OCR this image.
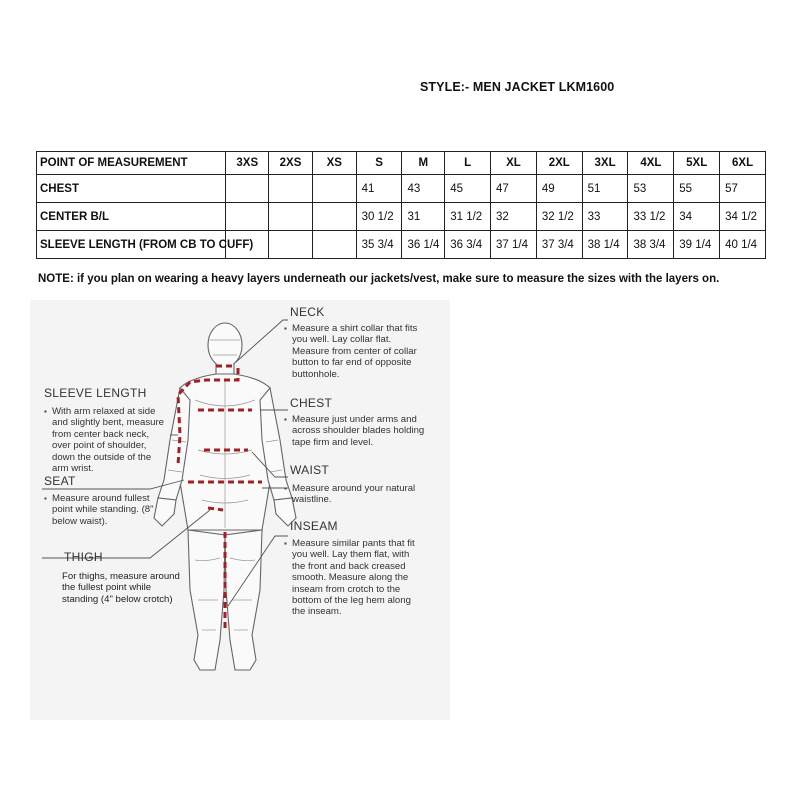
STYLE:- MEN JACKET LKM1600
POINT OF MEASUREMENT	3XS	2XS	XS	S	M	L	XL	2XL	3XL	4XL	5XL	6XL
CHEST				41	43	45	47	49	51	53	55	57
CENTER B/L				30 1/2	31	31 1/2	32	32 1/2	33	33 1/2	34	34 1/2
SLEEVE LENGTH (FROM CB TO CUFF)				35 3/4	36 1/4	36 3/4	37 1/4	37 3/4	38 1/4	38 3/4	39 1/4	40 1/4
NOTE: if you plan on wearing a heavy layers underneath our jackets/vest, make sure to measure the sizes with the layers on.
NECK
▪ Measure a shirt collar that fits you well. Lay collar flat. Measure from center of collar button to far end of opposite buttonhole.
CHEST
▪ Measure just under arms and across shoulder blades holding tape firm and level.
WAIST
▪ Measure around your natural waistline.
INSEAM
▪ Measure similar pants that fit you well. Lay them flat, with the front and back creased smooth. Measure along the inseam from crotch to the bottom of the leg hem along the inseam.
SLEEVE LENGTH
▪ With arm relaxed at side and slightly bent, measure from center back neck, over point of shoulder, down the outside of the arm wrist.
SEAT
▪ Measure around fullest point while standing. (8" below waist).
THIGH
For thighs, measure around the fullest point while standing (4" below crotch)
